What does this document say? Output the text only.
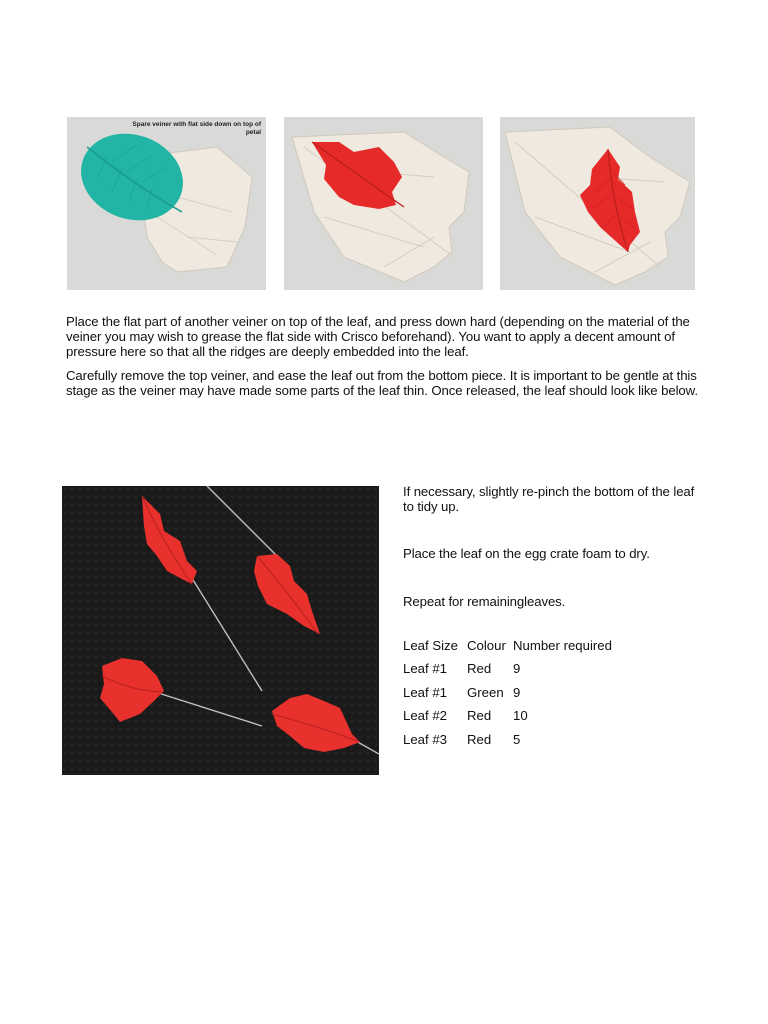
Spare veiner with flat side down on top of petal

Place the flat part of another veiner on top of the leaf, and press down hard (depending on the material of the veiner you may wish to grease the flat side with Crisco beforehand). You want to apply a decent amount of pressure here so that all the ridges are deeply embedded into the leaf.

Carefully remove the top veiner, and ease the leaf out from the bottom piece. It is important to be gentle at this stage as the veiner may have made some parts of the leaf thin. Once released, the leaf should look like below.

If necessary, slightly re-pinch the bottom of the leaf to tidy up.

Place the leaf on the egg crate foam to dry.

Repeat for remainingleaves.

Leaf Size	Colour	Number required
Leaf #1	Red	9
Leaf #1	Green	9
Leaf #2	Red	10
Leaf #3	Red	5
